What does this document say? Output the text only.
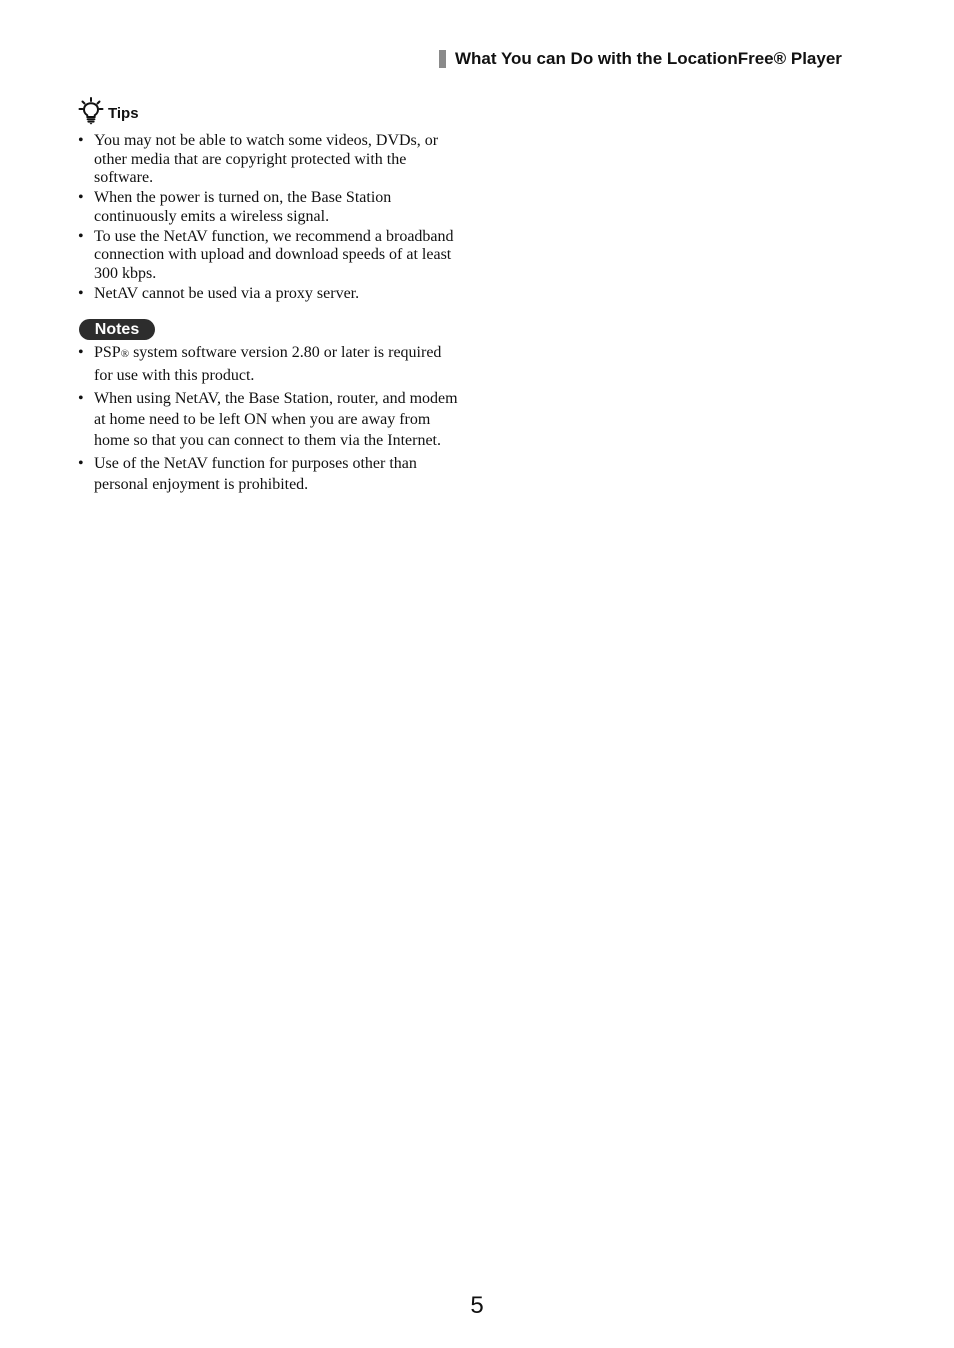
What You can Do with the LocationFree® Player
Tips
• You may not be able to watch some videos, DVDs, or other media that are copyright protected with the software.
• When the power is turned on, the Base Station continuously emits a wireless signal.
• To use the NetAV function, we recommend a broadband connection with upload and download speeds of at least 300 kbps.
• NetAV cannot be used via a proxy server.
Notes
• PSP® system software version 2.80 or later is required for use with this product.
• When using NetAV, the Base Station, router, and modem at home need to be left ON when you are away from home so that you can connect to them via the Internet.
• Use of the NetAV function for purposes other than personal enjoyment is prohibited.
5
